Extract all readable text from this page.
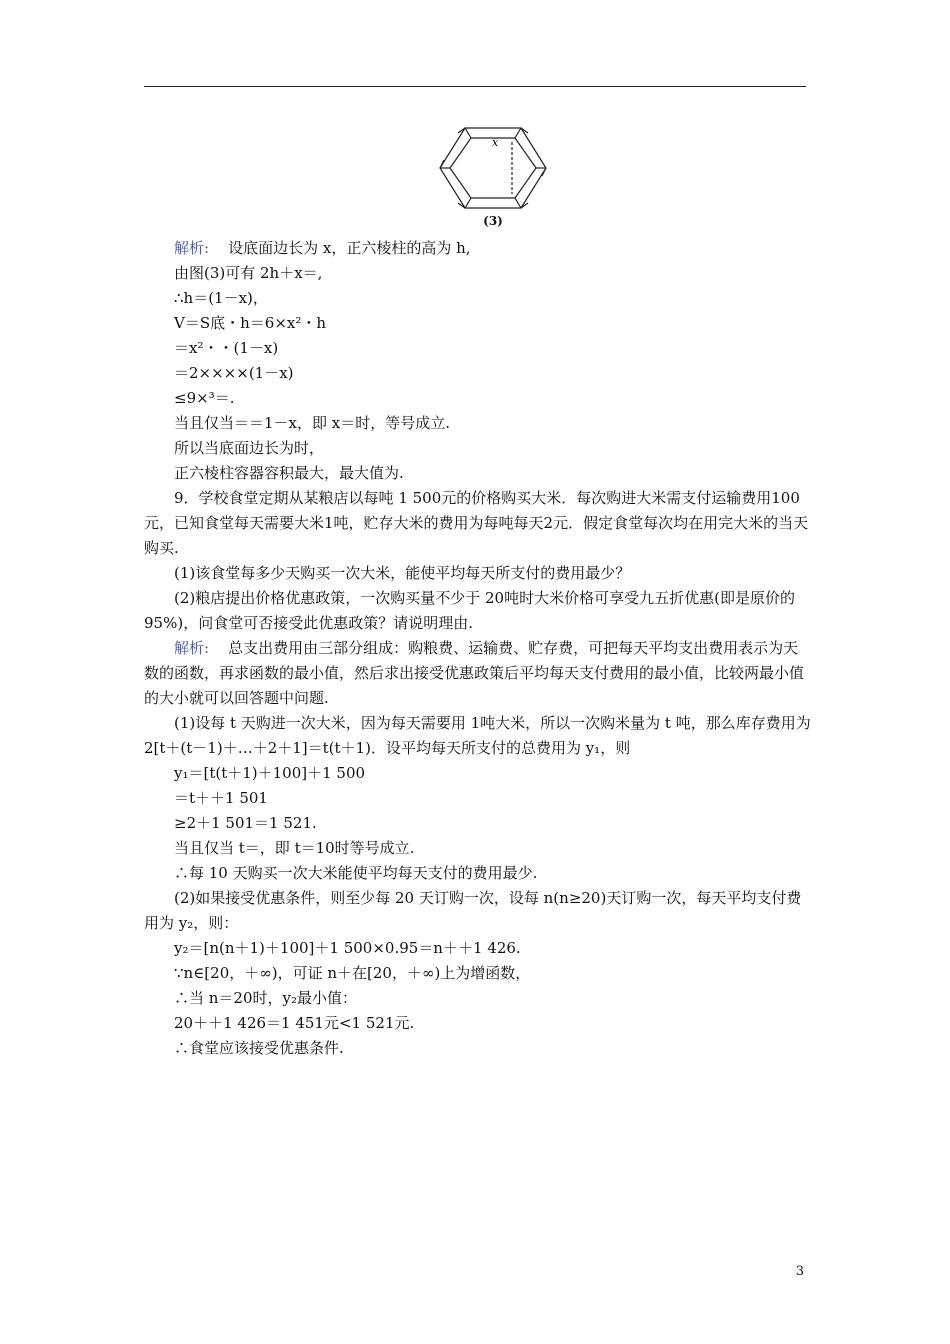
x
(3)
解析: 设底面边长为 x，正六棱柱的高为 h,
由图(3)可有 2h＋x＝,
∴h＝(1－x)，
V＝S底・h＝6×x²・h
＝x²・・(1－x)
＝2××××(1－x)
≤9×³＝.
当且仅当＝＝1－x，即 x＝时，等号成立.
所以当底面边长为时，
正六棱柱容器容积最大，最大值为.
9．学校食堂定期从某粮店以每吨 1 500元的价格购买大米．每次购进大米需支付运输费用100元，已知食堂每天需要大米1吨，贮存大米的费用为每吨每天2元．假定食堂每次均在用完大米的当天购买.
(1)该食堂每多少天购买一次大米，能使平均每天所支付的费用最少？
(2)粮店提出价格优惠政策，一次购买量不少于 20吨时大米价格可享受九五折优惠(即是原价的95%)，问食堂可否接受此优惠政策？请说明理由.
解析: 总支出费用由三部分组成：购粮费、运输费、贮存费，可把每天平均支出费用表示为天数的函数，再求函数的最小值，然后求出接受优惠政策后平均每天支付费用的最小值，比较两最小值的大小就可以回答题中问题.
(1)设每 t 天购进一次大米，因为每天需要用 1吨大米，所以一次购米量为 t 吨，那么库存费用为 2[t＋(t－1)＋…＋2＋1]＝t(t＋1)．设平均每天所支付的总费用为 y₁，则
y₁＝[t(t＋1)＋100]＋1 500
＝t＋＋1 501
≥2＋1 501＝1 521.
当且仅当 t＝，即 t＝10时等号成立.
∴每 10 天购买一次大米能使平均每天支付的费用最少.
(2)如果接受优惠条件，则至少每 20 天订购一次，设每 n(n≥20)天订购一次，每天平均支付费用为 y₂，则：
y₂＝[n(n＋1)＋100]＋1 500×0.95＝n＋＋1 426.
∵n∈[20，＋∞)，可证 n＋在[20，＋∞)上为增函数，
∴当 n＝20时，y₂最小值：
20＋＋1 426＝1 451元<1 521元.
∴食堂应该接受优惠条件.
3
